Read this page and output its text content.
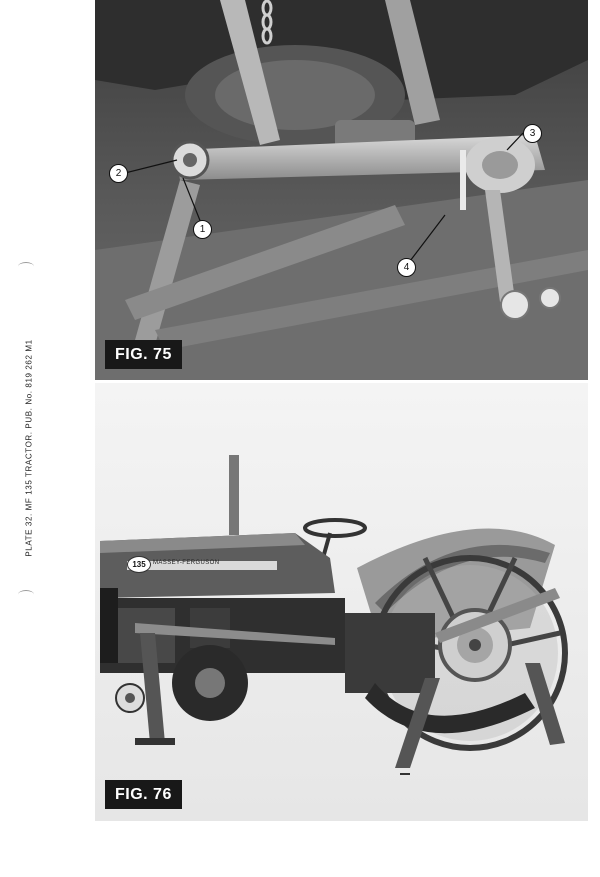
PLATE 32. MF 135 TRACTOR. PUB. No. 819 262 M1
2
1
3
4
FIG. 75
135	MASSEY-FERGUSON
FIG. 76
